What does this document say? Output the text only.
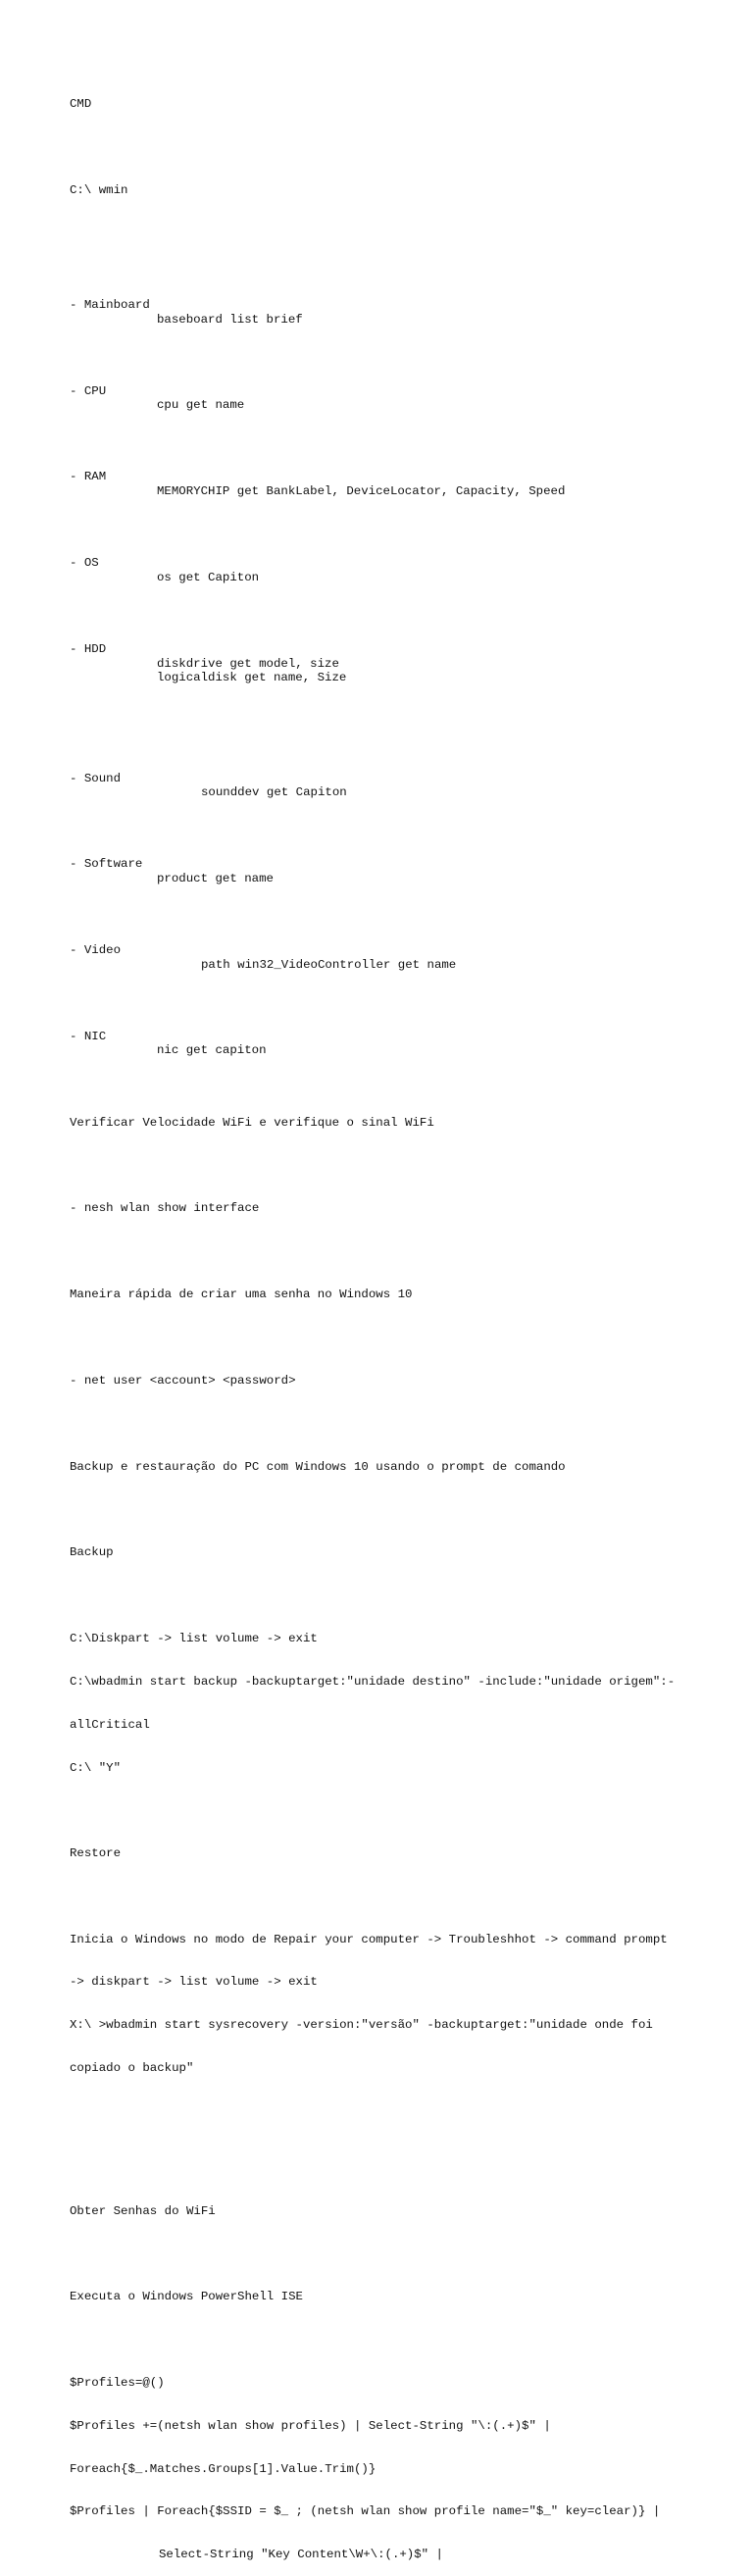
CMD

C:\ wmin

- Mainboard

baseboard list brief

- CPU

cpu get name

- RAM

MEMORYCHIP get BankLabel, DeviceLocator, Capacity, Speed

- OS

os get Capiton

- HDD

diskdrive get model, size

logicaldisk get name, Size

- Sound

sounddev get Capiton

- Software

product get name

- Video

path win32_VideoController get name

- NIC

nic get capiton

Verificar Velocidade WiFi e verifique o sinal WiFi

- nesh wlan show interface

Maneira rápida de criar uma senha no Windows 10

- net user <account> <password>

Backup e restauração do PC com Windows 10 usando o prompt de comando

Backup

C:\Diskpart -> list volume -> exit

C:\wbadmin start backup -backuptarget:"unidade destino" -include:"unidade origem":-

allCritical

C:\ "Y"

Restore

Inicia o Windows no modo de Repair your computer -> Troubleshhot -> command prompt

-> diskpart -> list volume -> exit

X:\ >wbadmin start sysrecovery -version:"versão" -backuptarget:"unidade onde foi

copiado o backup"

Obter Senhas do WiFi

Executa o Windows PowerShell ISE

$Profiles=@()

$Profiles +=(netsh wlan show profiles) | Select-String "\:(.+)$" |

Foreach{$_.Matches.Groups[1].Value.Trim()}

$Profiles | Foreach{$SSID = $_ ; (netsh wlan show profile name="$_" key=clear)} |

Select-String "Key Content\W+\:(.+)$" |
